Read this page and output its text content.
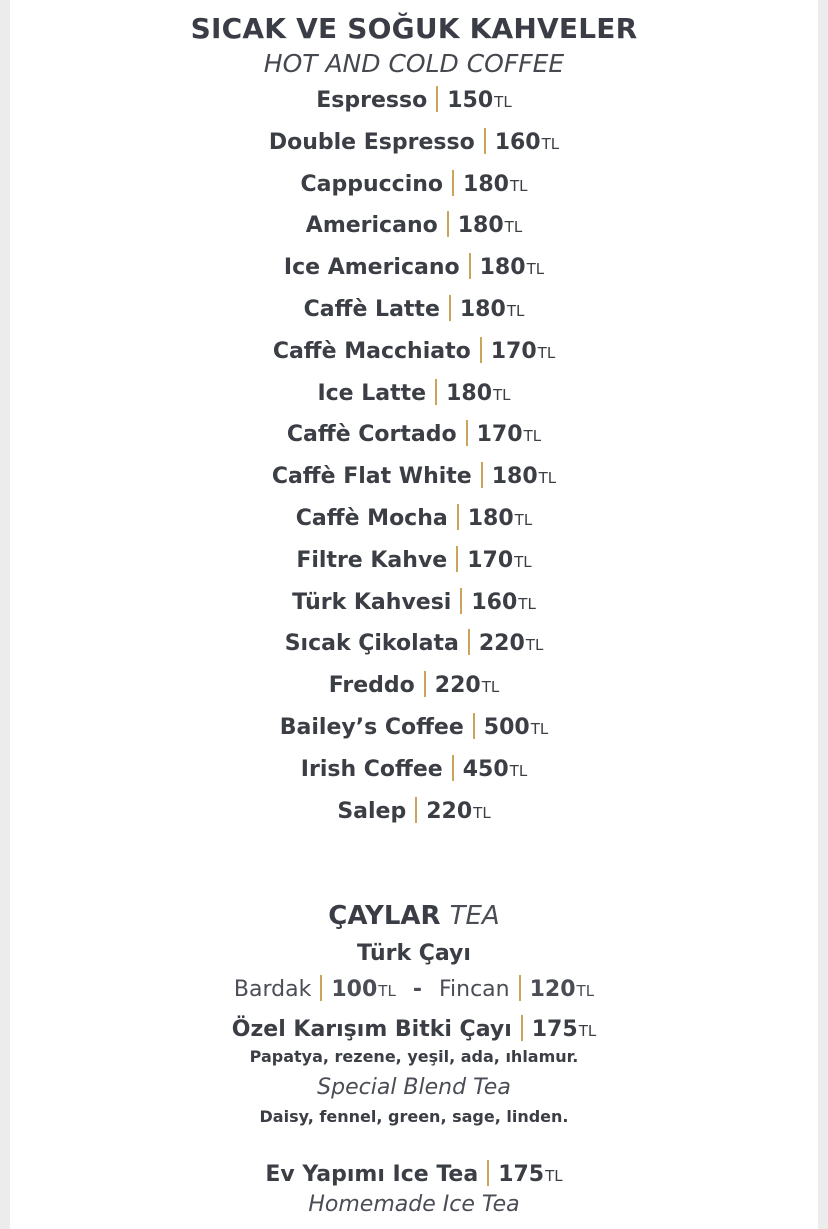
SICAK VE SOĞUK KAHVELER
HOT AND COLD COFFEE
Espresso 150TL
Double Espresso 160TL
Cappuccino 180TL
Americano 180TL
Ice Americano 180TL
Caffè Latte 180TL
Caffè Macchiato 170TL
Ice Latte 180TL
Caffè Cortado 170TL
Caffè Flat White 180TL
Caffè Mocha 180TL
Filtre Kahve 170TL
Türk Kahvesi 160TL
Sıcak Çikolata 220TL
Freddo 220TL
Bailey’s Coffee 500TL
Irish Coffee 450TL
Salep 220TL
ÇAYLAR TEA
Türk Çayı
Bardak 100TL - Fincan 120TL
Özel Karışım Bitki Çayı 175TL
Papatya, rezene, yeşil, ada, ıhlamur.
Special Blend Tea
Daisy, fennel, green, sage, linden.
Ev Yapımı Ice Tea 175TL
Homemade Ice Tea
